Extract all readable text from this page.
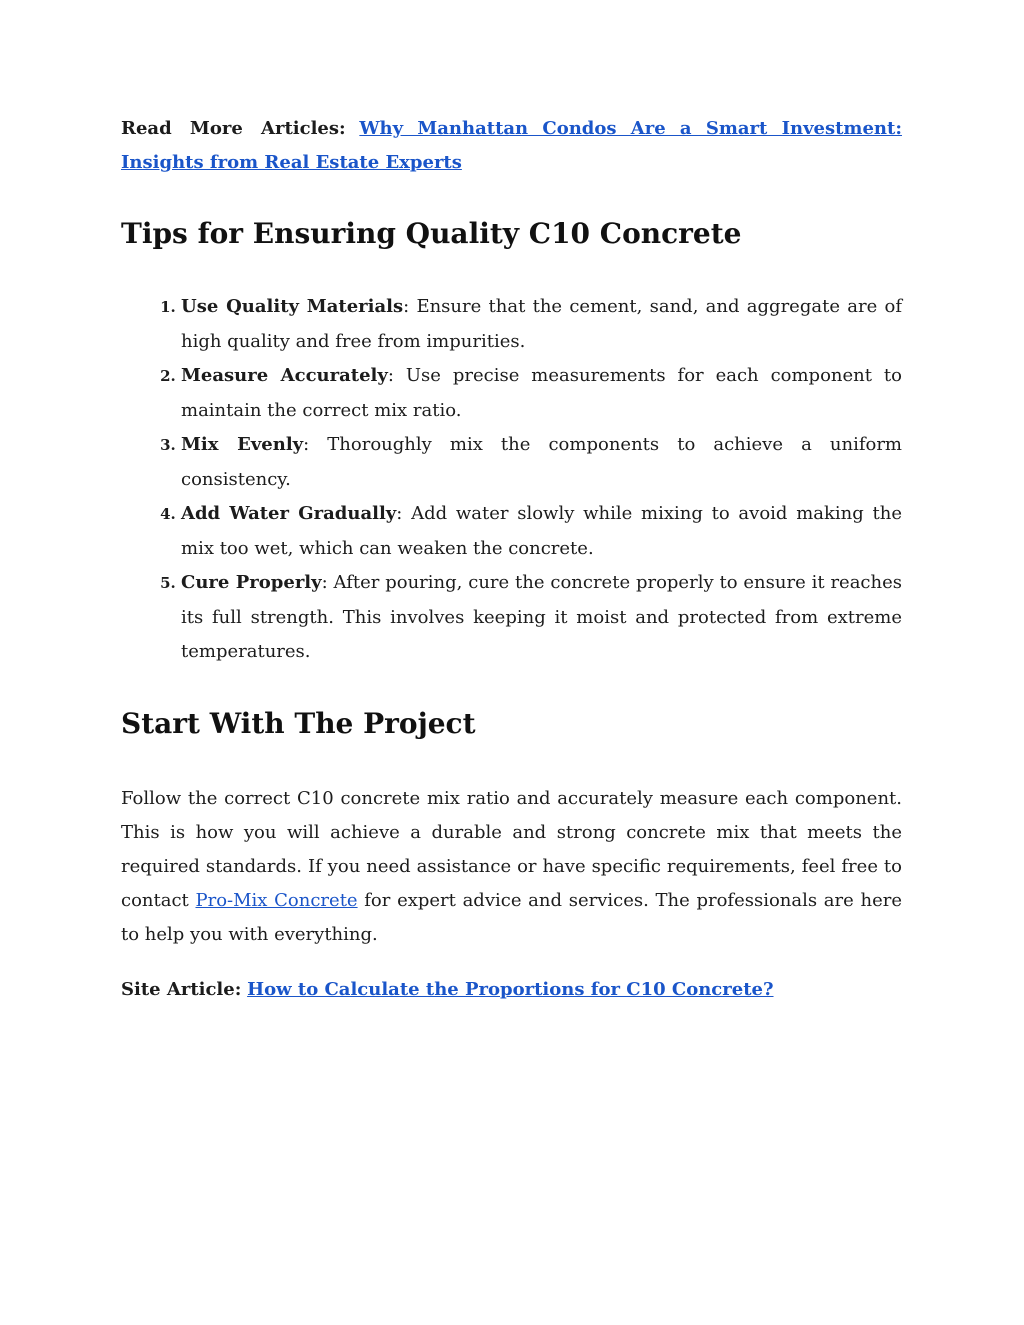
Read More Articles: Why Manhattan Condos Are a Smart Investment: Insights from Real Estate Experts

Tips for Ensuring Quality C10 Concrete
1. Use Quality Materials: Ensure that the cement, sand, and aggregate are of high quality and free from impurities.
2. Measure Accurately: Use precise measurements for each component to maintain the correct mix ratio.
3. Mix Evenly: Thoroughly mix the components to achieve a uniform consistency.
4. Add Water Gradually: Add water slowly while mixing to avoid making the mix too wet, which can weaken the concrete.
5. Cure Properly: After pouring, cure the concrete properly to ensure it reaches its full strength. This involves keeping it moist and protected from extreme temperatures.
Start With The Project

Follow the correct C10 concrete mix ratio and accurately measure each component. This is how you will achieve a durable and strong concrete mix that meets the required standards. If you need assistance or have specific requirements, feel free to contact Pro-Mix Concrete for expert advice and services. The professionals are here to help you with everything.

Site Article: How to Calculate the Proportions for C10 Concrete?
